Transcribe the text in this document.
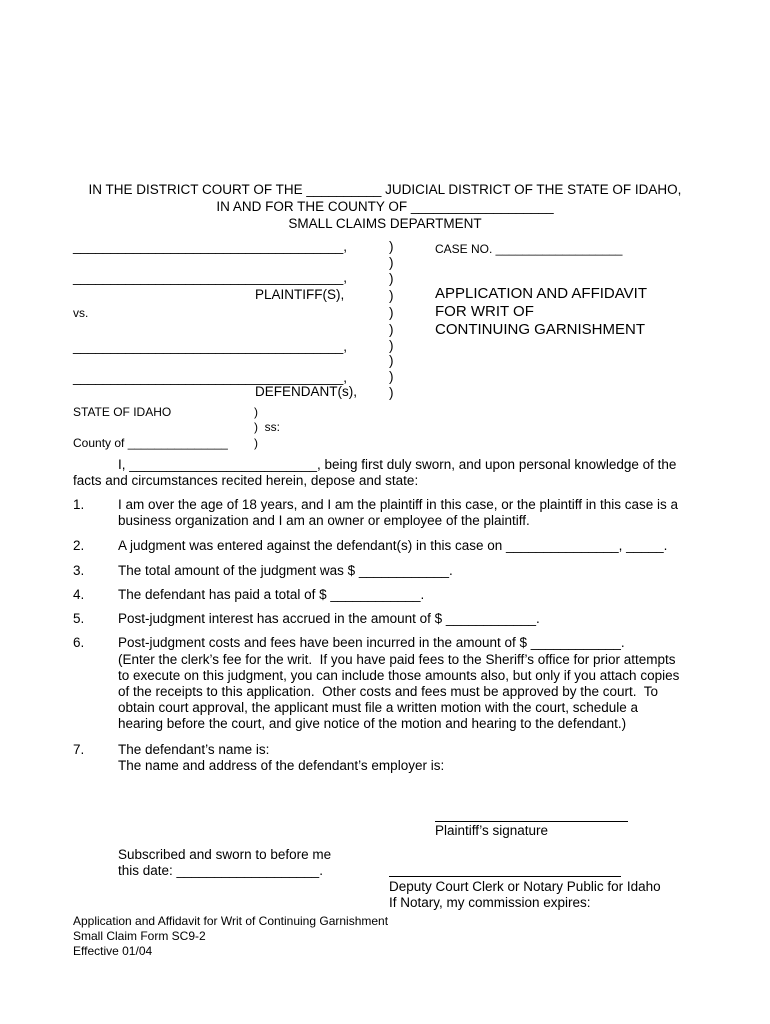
IN THE DISTRICT COURT OF THE __________ JUDICIAL DISTRICT OF THE STATE OF IDAHO,
IN AND FOR THE COUNTY OF ___________________
SMALL CLAIMS DEPARTMENT
____________________________________,
____________________________________,
PLAINTIFF(S),
vs.
____________________________________,
____________________________________,
DEFENDANT(s),
)
)
)
)
)
)
)
)
)
)
CASE NO. ___________________
APPLICATION AND AFFIDAVIT
FOR WRIT OF
CONTINUING GARNISHMENT
STATE OF IDAHO	)
)  ss:
County of _______________ )
I, _________________________, being first duly sworn, and upon personal knowledge of the
facts and circumstances recited herein, depose and state:
1. I am over the age of 18 years, and I am the plaintiff in this case, or the plaintiff in this case is a
business organization and I am an owner or employee of the plaintiff.
2. A judgment was entered against the defendant(s) in this case on _______________, _____.
3. The total amount of the judgment was $ ____________.
4. The defendant has paid a total of $ ____________.
5. Post-judgment interest has accrued in the amount of $ ____________.
6. Post-judgment costs and fees have been incurred in the amount of $ ____________.
(Enter the clerk’s fee for the writ.  If you have paid fees to the Sheriff’s office for prior attempts
to execute on this judgment, you can include those amounts also, but only if you attach copies
of the receipts to this application.  Other costs and fees must be approved by the court.  To
obtain court approval, the applicant must file a written motion with the court, schedule a
hearing before the court, and give notice of the motion and hearing to the defendant.)
7. The defendant’s name is:
The name and address of the defendant’s employer is:
Plaintiff’s signature
Subscribed and sworn to before me
this date: ___________________.
Deputy Court Clerk or Notary Public for Idaho
If Notary, my commission expires:
Application and Affidavit for Writ of Continuing Garnishment
Small Claim Form SC9-2
Effective 01/04
